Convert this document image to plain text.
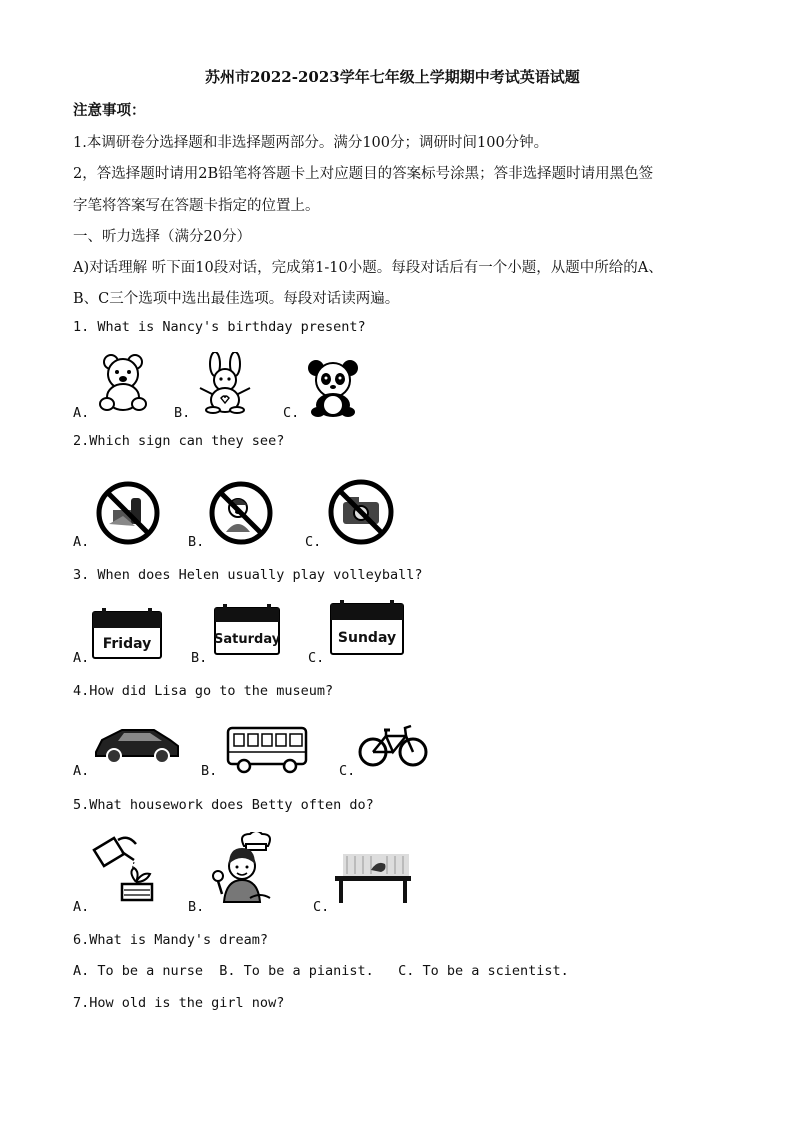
苏州市2022-2023学年七年级上学期期中考试英语试题
注意事项：
1.本调研卷分选择题和非选择题两部分。满分100分；调研时间100分钟。
2，答选择题时请用2B铅笔将答题卡上对应题目的答案标号涂黑；答非选择题时请用黑色签
字笔将答案写在答题卡指定的位置上。
一、听力选择（满分20分）
A)对话理解 听下面10段对话，完成第1-10小题。每段对话后有一个小题，从题中所给的A、
B、C三个选项中选出最佳选项。每段对话读两遍。
1. What is Nancy's birthday present?
A.	B.	C.
2.Which sign can they see?
A.	B.	C.
3. When does Helen usually play volleyball?
A.
Friday
B.
Saturday
C.
Sunday
4.How did Lisa go to the museum?
A.	B.	C.
5.What housework does Betty often do?
A.	B.	C.
6.What is Mandy's dream?
A. To be a nurse  B. To be a pianist.   C. To be a scientist.
7.How old is the girl now?
